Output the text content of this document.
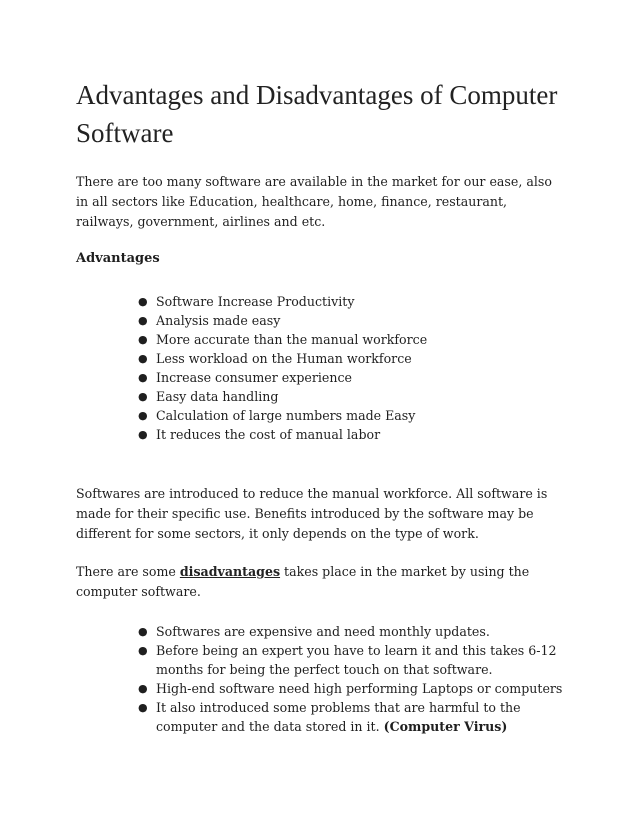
Advantages and Disadvantages of Computer Software

There are too many software are available in the market for our ease, also in all sectors like Education, healthcare, home, finance, restaurant, railways, government, airlines and etc.

Advantages

● Software Increase Productivity
● Analysis made easy
● More accurate than the manual workforce
● Less workload on the Human workforce
● Increase consumer experience
● Easy data handling
● Calculation of large numbers made Easy
● It reduces the cost of manual labor

Softwares are introduced to reduce the manual workforce. All software is made for their specific use. Benefits introduced by the software may be different for some sectors, it only depends on the type of work.

There are some disadvantages takes place in the market by using the computer software.

● Softwares are expensive and need monthly updates.
● Before being an expert you have to learn it and this takes 6-12 months for being the perfect touch on that software.
● High-end software need high performing Laptops or computers
● It also introduced some problems that are harmful to the computer and the data stored in it. (Computer Virus)
